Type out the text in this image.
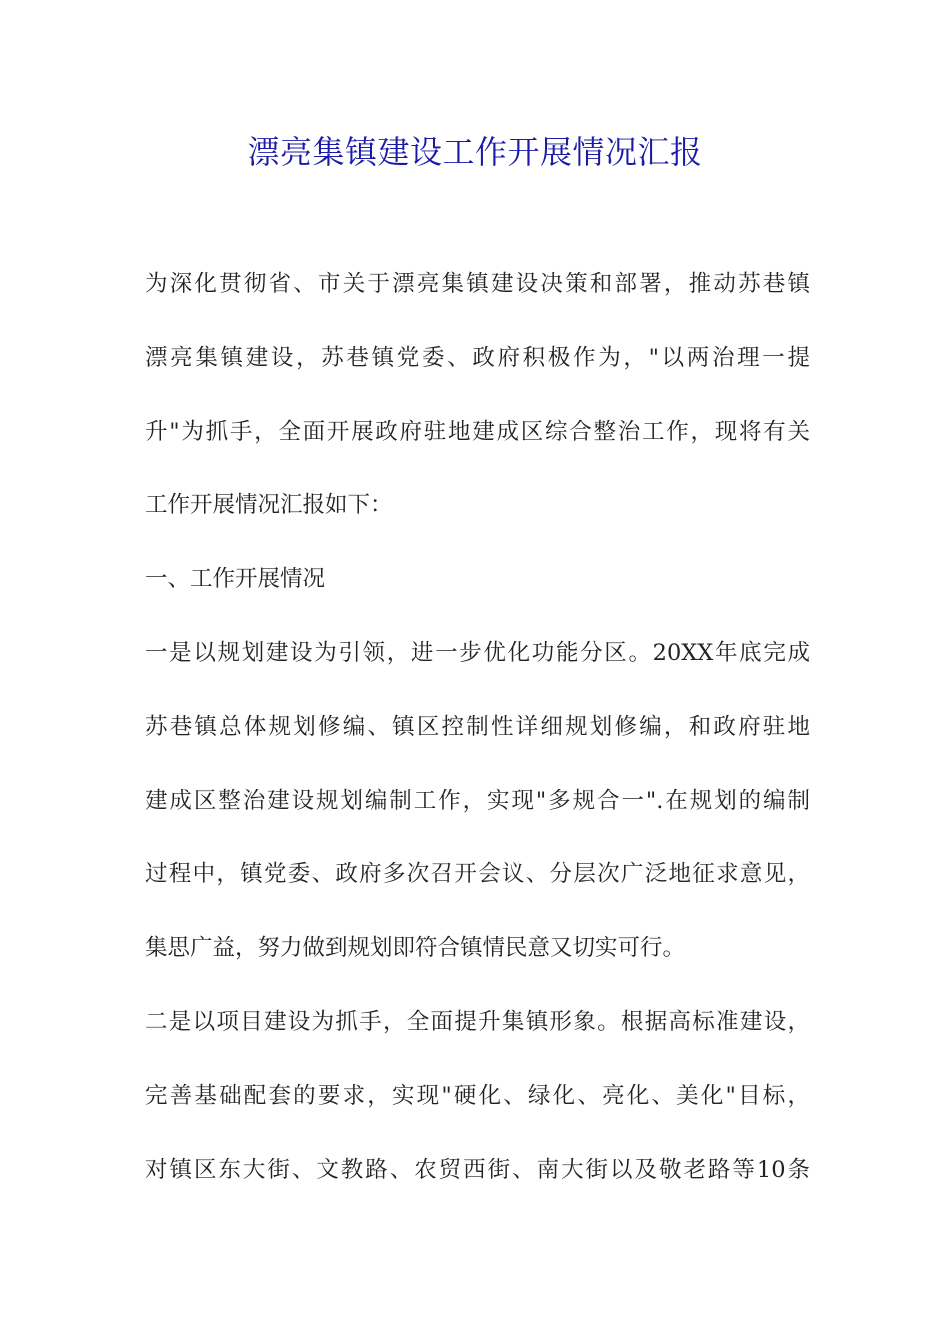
漂亮集镇建设工作开展情况汇报
为深化贯彻省、市关于漂亮集镇建设决策和部署，推动苏巷镇
漂亮集镇建设，苏巷镇党委、政府积极作为，"以两治理一提
升"为抓手，全面开展政府驻地建成区综合整治工作，现将有关
工作开展情况汇报如下：
一、工作开展情况
一是以规划建设为引领，进一步优化功能分区。20XX年底完成
苏巷镇总体规划修编、镇区控制性详细规划修编，和政府驻地
建成区整治建设规划编制工作，实现"多规合一".在规划的编制
过程中，镇党委、政府多次召开会议、分层次广泛地征求意见，
集思广益，努力做到规划即符合镇情民意又切实可行。
二是以项目建设为抓手，全面提升集镇形象。根据高标准建设，
完善基础配套的要求，实现"硬化、绿化、亮化、美化"目标，
对镇区东大街、文教路、农贸西街、南大街以及敬老路等10条
